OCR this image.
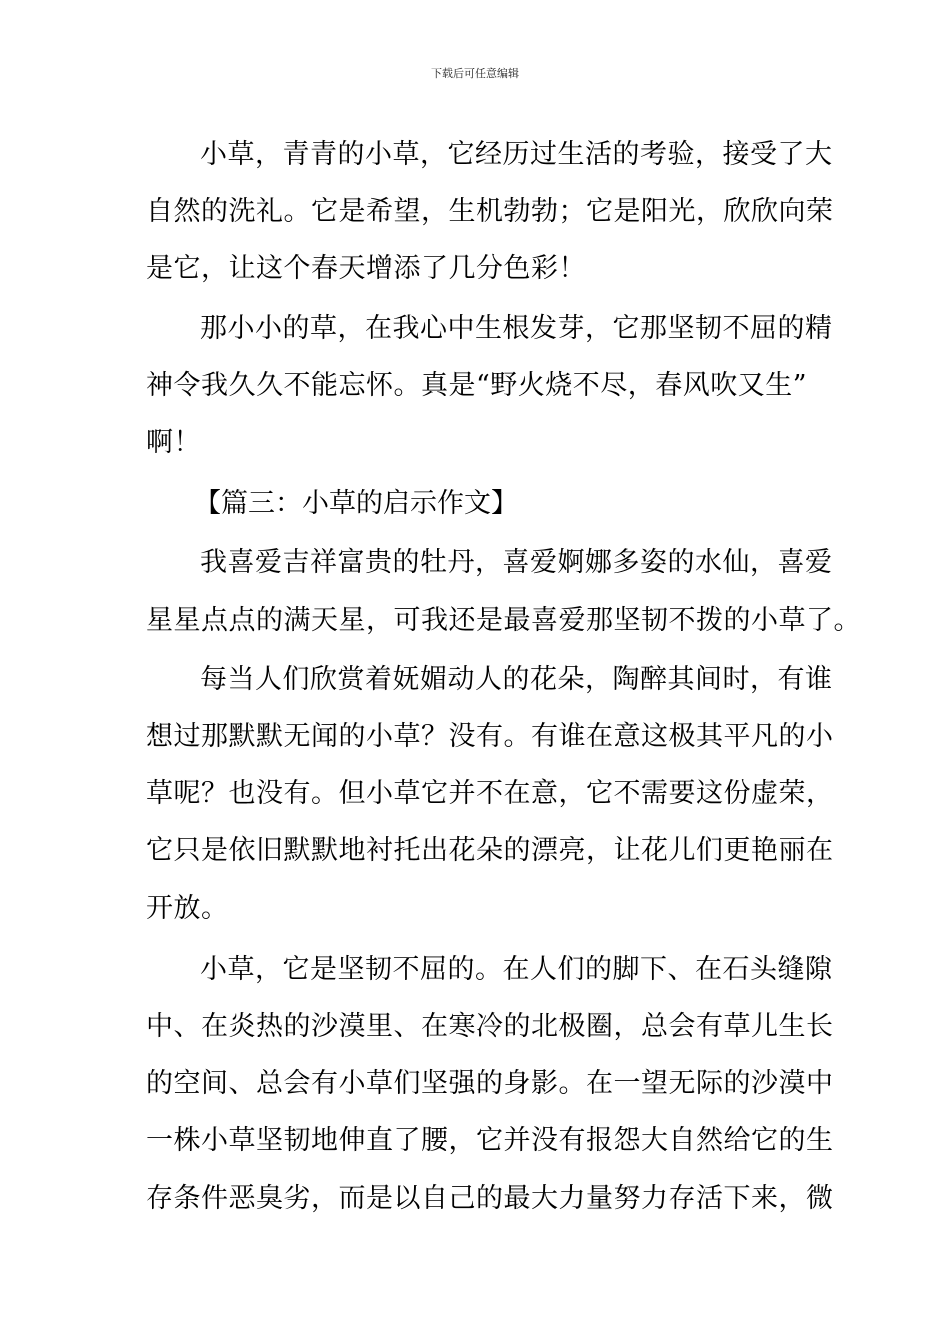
下载后可任意编辑
小草，青青的小草，它经历过生活的考验，接受了大
自然的洗礼。它是希望，生机勃勃；它是阳光，欣欣向荣
是它，让这个春天增添了几分色彩！
那小小的草，在我心中生根发芽，它那坚韧不屈的精
神令我久久不能忘怀。真是“野火烧不尽，春风吹又生”
啊！
【篇三：小草的启示作文】
我喜爱吉祥富贵的牡丹，喜爱婀娜多姿的水仙，喜爱
星星点点的满天星，可我还是最喜爱那坚韧不拨的小草了。
每当人们欣赏着妩媚动人的花朵，陶醉其间时，有谁
想过那默默无闻的小草？没有。有谁在意这极其平凡的小
草呢？也没有。但小草它并不在意，它不需要这份虚荣，
它只是依旧默默地衬托出花朵的漂亮，让花儿们更艳丽在
开放。
小草，它是坚韧不屈的。在人们的脚下、在石头缝隙
中、在炎热的沙漠里、在寒冷的北极圈，总会有草儿生长
的空间、总会有小草们坚强的身影。在一望无际的沙漠中
一株小草坚韧地伸直了腰，它并没有报怨大自然给它的生
存条件恶臭劣，而是以自己的最大力量努力存活下来，微
